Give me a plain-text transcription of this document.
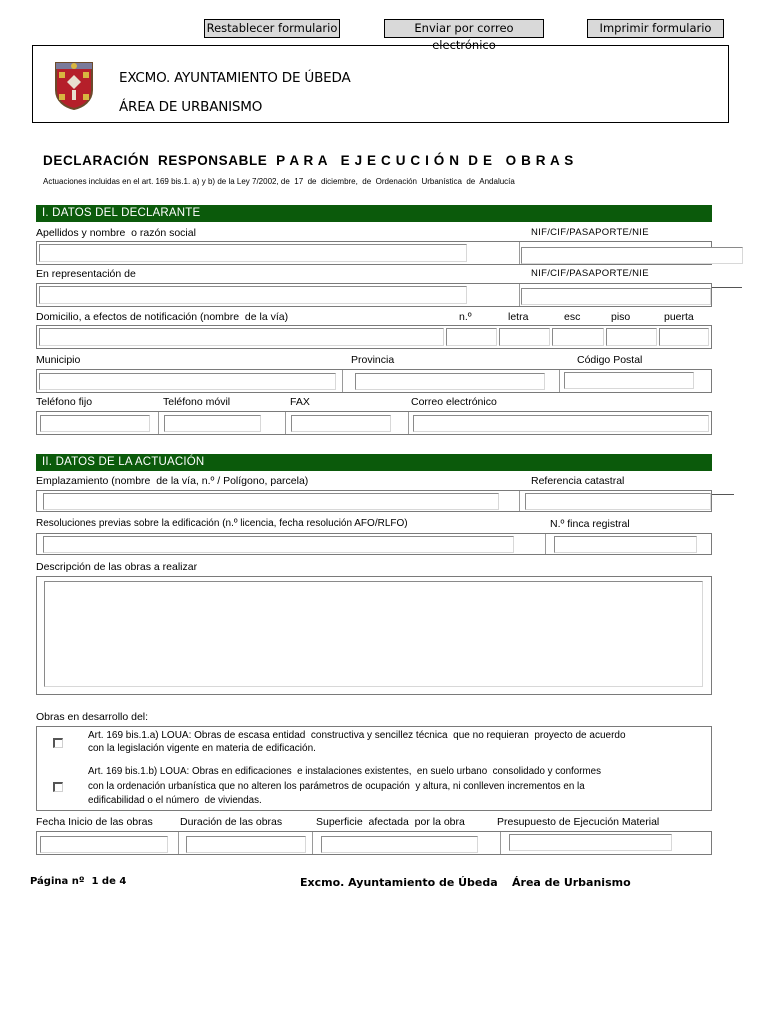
Restablecer formulario	Enviar por correo electrónico
Imprimir formulario
EXCMO. AYUNTAMIENTO DE ÚBEDA
ÁREA DE URBANISMO
DECLARACIÓN  RESPONSABLE  P A R A   E J E C U C I Ó N  D E   O B R A S
Actuaciones incluidas en el art. 169 bis.1. a) y b) de la Ley 7/2002, de  17  de  diciembre,  de  Ordenación  Urbanística  de  Andalucía
I. DATOS DEL DECLARANTE
Apellidos y nombre  o razón social	NIF/CIF/PASAPORTE/NIE
En representación de	NIF/CIF/PASAPORTE/NIE
Domicilio, a efectos de notificación (nombre  de la vía)	n.º	letra	esc	piso	puerta
Municipio	Provincia	Código Postal
Teléfono fijo	Teléfono móvil	FAX	Correo electrónico
II. DATOS DE LA ACTUACIÓN
Emplazamiento (nombre  de la vía, n.º / Polígono, parcela)	Referencia catastral
Resoluciones previas sobre la edificación (n.º licencia, fecha resolución AFO/RLFO)	N.º finca registral
Descripción de las obras a realizar
Obras en desarrollo del:
Art. 169 bis.1.a) LOUA: Obras de escasa entidad  constructiva y sencillez técnica  que no requieran  proyecto de acuerdo
con la legislación vigente en materia de edificación.
Art. 169 bis.1.b) LOUA: Obras en edificaciones  e instalaciones existentes,  en suelo urbano  consolidado y conformes
con la ordenación urbanística que no alteren los parámetros de ocupación  y altura, ni conlleven incrementos en la
edificabilidad o el número  de viviendas.
Fecha Inicio de las obras	Duración de las obras	Superficie  afectada  por la obra	Presupuesto de Ejecución Material
Página nº  1 de 4	Excmo. Ayuntamiento de Úbeda Área de Urbanismo
